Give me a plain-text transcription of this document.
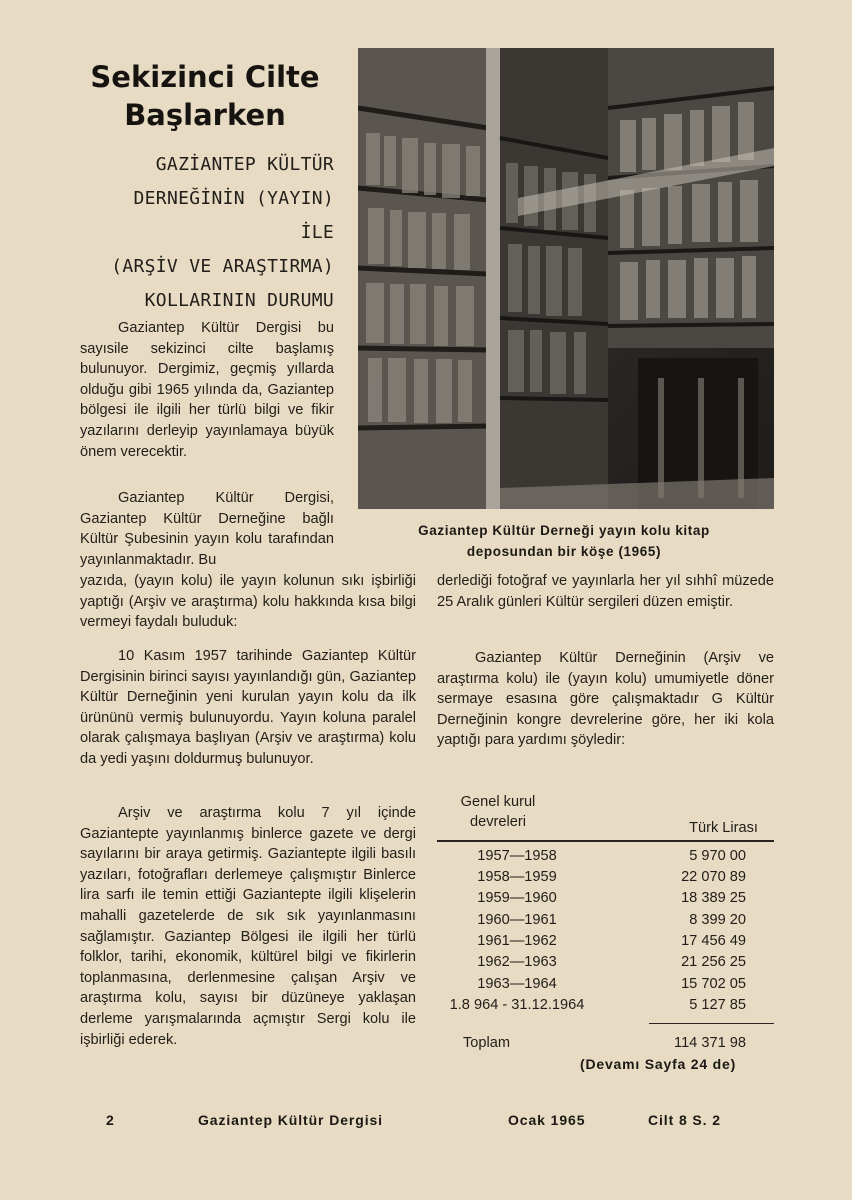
Sekizinci Cilte
Başlarken
GAZİANTEP KÜLTÜR
DERNEĞİNİN (YAYIN) İLE
(ARŞİV VE ARAŞTIRMA)
KOLLARININ DURUMU
Gaziantep Kültür Derneği yayın kolu kitap
deposundan bir köşe (1965)

Gaziantep Kültür Dergisi bu sayısile sekizinci cilte başlamış bulunuyor. Dergimiz, geçmiş yıllarda olduğu gibi 1965 yılında da, Gaziantep bölgesi ile ilgili her türlü bilgi ve fikir yazılarını derleyip yayınlamaya büyük önem verecektir.

Gaziantep Kültür Dergisi, Gaziantep Kültür Derneğine bağlı Kültür Şubesinin yayın kolu tarafından yayınlanmaktadır. Bu

yazıda, (yayın kolu) ile yayın kolunun sıkı işbirliği yaptığı (Arşiv ve araştırma) kolu hakkında kısa bilgi vermeyi faydalı buluduk:

10 Kasım 1957 tarihinde Gaziantep Kültür Dergisinin birinci sayısı yayınlandığı gün, Gaziantep Kültür Derneğinin yeni kurulan yayın kolu da ilk ürününü vermiş bulunuyordu. Yayın koluna paralel olarak çalışmaya başlıyan (Arşiv ve araştırma) kolu da yedi yaşını doldurmuş bulunuyor.

Arşiv ve araştırma kolu 7 yıl içinde Gaziantepte yayınlanmış binlerce gazete ve dergi sayılarını bir araya getirmiş. Gaziantepte ilgili basılı yazıları, fotoğrafları derlemeye çalışmıştır Binlerce lira sarfı ile temin ettiği Gaziantepte ilgili klişelerin mahalli gazetelerde de sık sık yayınlanmasını sağlamıştır. Gaziantep Bölgesi ile ilgili her türlü folklor, tarihi, ekonomik, kültürel bilgi ve fikirlerin toplanmasına, derlenmesine çalışan Arşiv ve araştırma kolu, sayısı bir düzüneye yaklaşan derleme yarışmalarında açmıştır Sergi kolu ile işbirliği ederek.

derlediği fotoğraf ve yayınlarla her yıl sıhhî müzede 25 Aralık günleri Kültür sergileri düzen emiştir.

Gaziantep Kültür Derneğinin (Arşiv ve araştırma kolu) ile (yayın kolu) umumiyetle döner sermaye esasına göre çalışmaktadır G Kültür Derneğinin kongre devrelerine göre, her iki kola yaptığı para yardımı şöyledir:

Genel kurul devreleri	Türk Lirası
1957—1958	5 970 00
1958—1959	22 070 89
1959—1960	18 389 25
1960—1961	8 399 20
1961—1962	17 456 49
1962—1963	21 256 25
1963—1964	15 702 05
1.8 964 - 31.12.1964	5 127 85
Toplam	114 371 98
(Devamı Sayfa 24 de)
2	Gaziantep Kültür Dergisi	Ocak 1965	Cilt 8 S. 2
